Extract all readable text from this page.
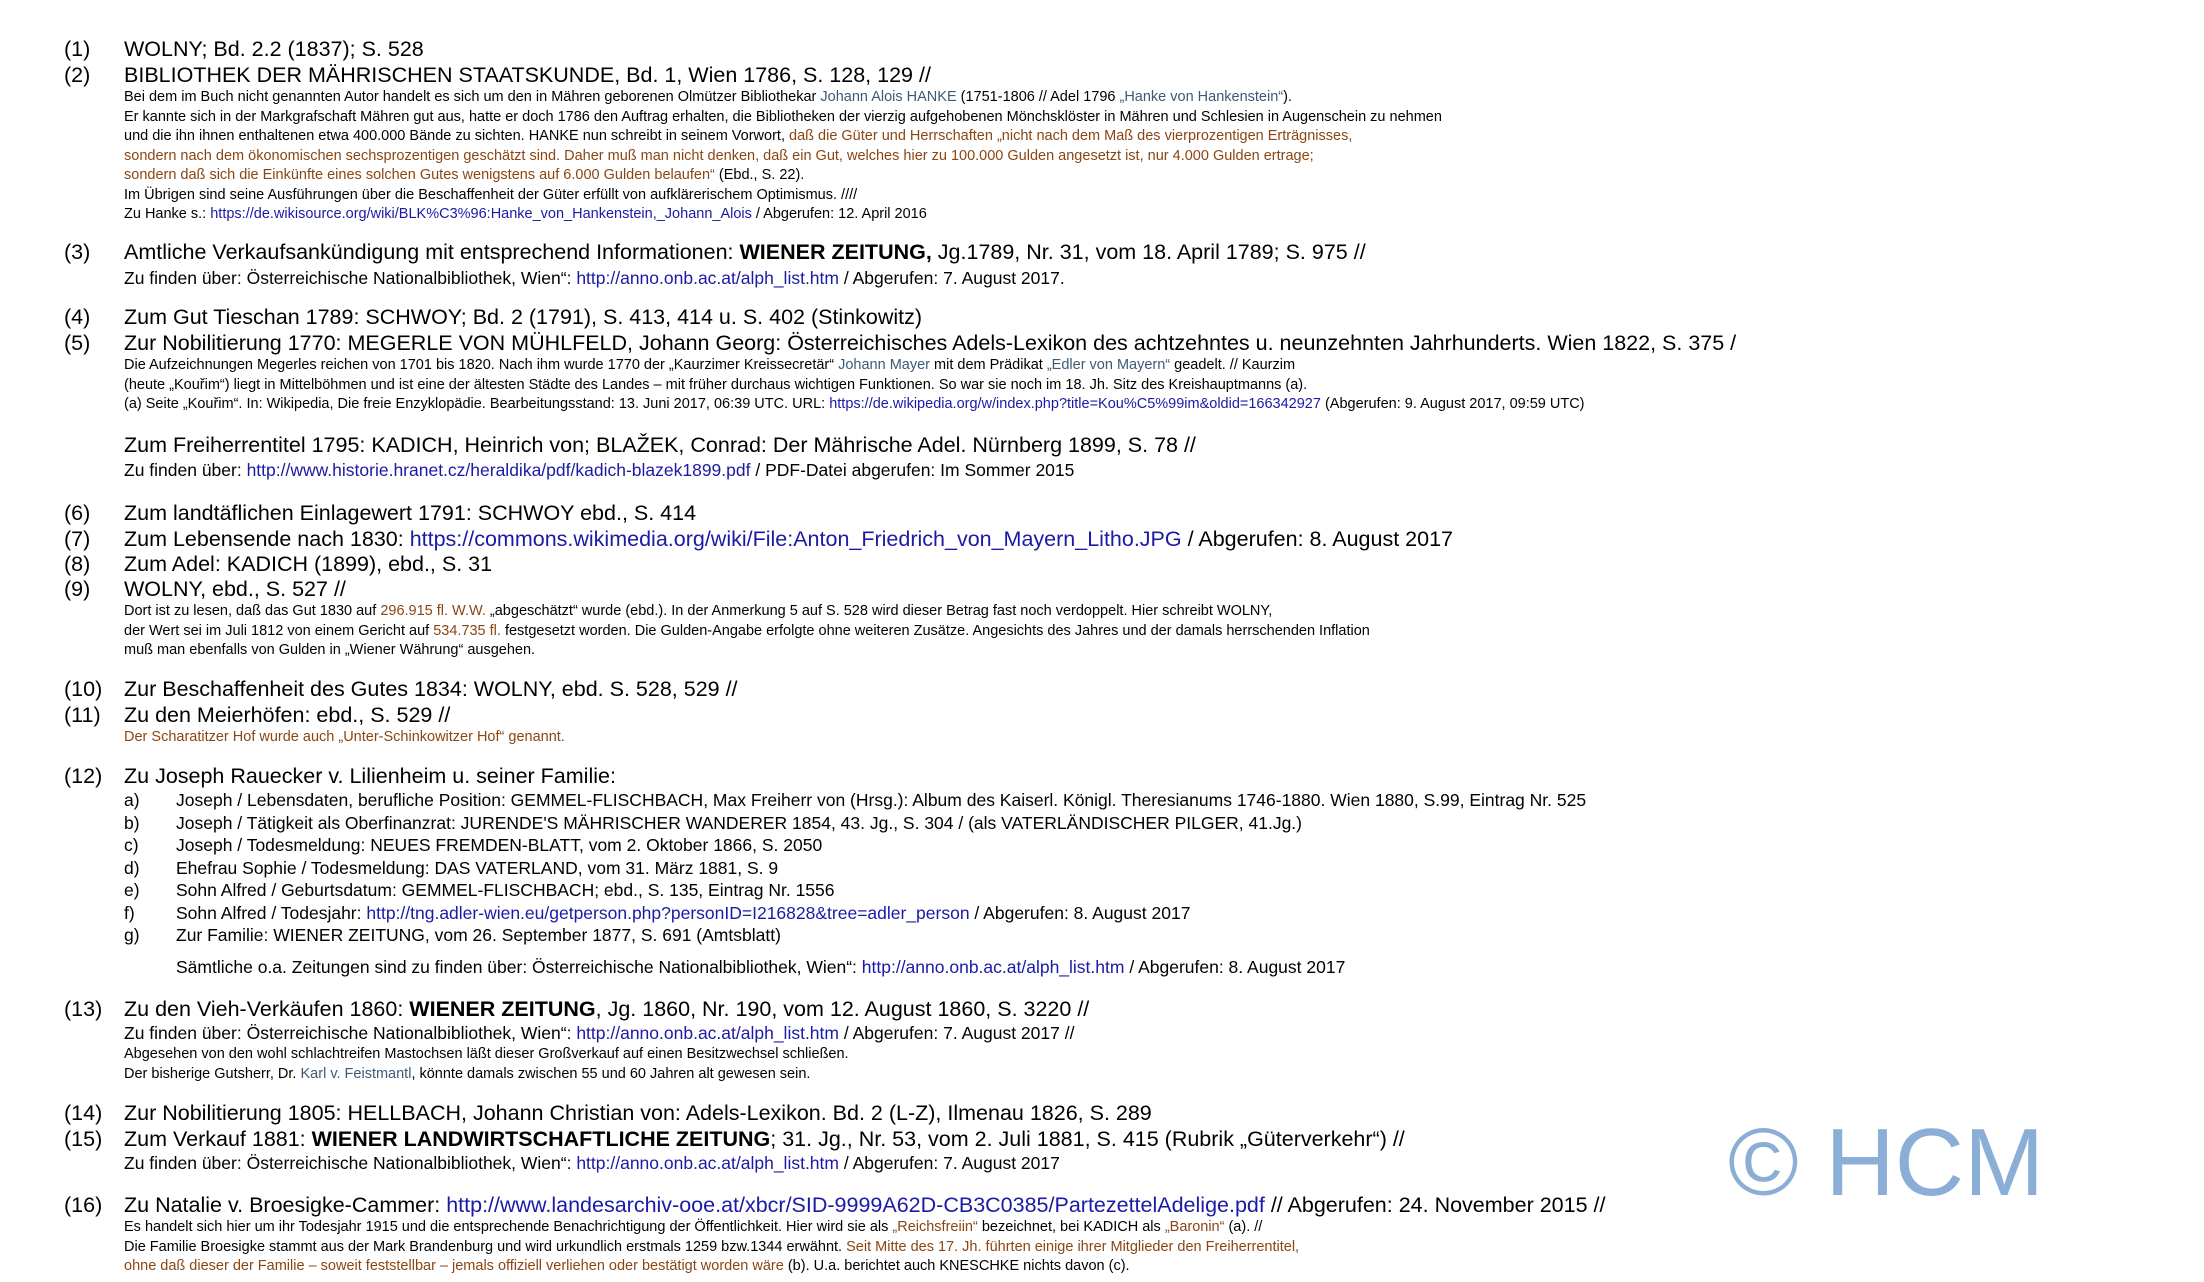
(1)	WOLNY; Bd. 2.2 (1837); S. 528
(2)	BIBLIOTHEK DER MÄHRISCHEN STAATSKUNDE, Bd. 1, Wien 1786, S. 128, 129 //
Bei dem im Buch nicht genannten Autor handelt es sich um den in Mähren geborenen Olmützer Bibliothekar Johann Alois HANKE (1751-1806 // Adel 1796 „Hanke von Hankenstein“).
Er kannte sich in der Markgrafschaft Mähren gut aus, hatte er doch 1786 den Auftrag erhalten, die Bibliotheken der vierzig aufgehobenen Mönchsklöster in Mähren und Schlesien in Augenschein zu nehmen
und die ihn ihnen enthaltenen etwa 400.000 Bände zu sichten. HANKE nun schreibt in seinem Vorwort, daß die Güter und Herrschaften „nicht nach dem Maß des vierprozentigen Erträgnisses,
sondern nach dem ökonomischen sechsprozentigen geschätzt sind. Daher muß man nicht denken, daß ein Gut, welches hier zu 100.000 Gulden angesetzt ist, nur 4.000 Gulden ertrage;
sondern daß sich die Einkünfte eines solchen Gutes wenigstens auf 6.000 Gulden belaufen“ (Ebd., S. 22).
Im Übrigen sind seine Ausführungen über die Beschaffenheit der Güter erfüllt von aufklärerischem Optimismus. ////
Zu Hanke s.: https://de.wikisource.org/wiki/BLK%C3%96:Hanke_von_Hankenstein,_Johann_Alois / Abgerufen: 12. April 2016
(3)	Amtliche Verkaufsankündigung mit entsprechend Informationen: WIENER ZEITUNG, Jg.1789, Nr. 31, vom 18. April 1789; S. 975 //
Zu finden über: Österreichische Nationalbibliothek, Wien“: http://anno.onb.ac.at/alph_list.htm / Abgerufen: 7. August 2017.
(4)	Zum Gut Tieschan 1789: SCHWOY; Bd. 2 (1791), S. 413, 414 u. S. 402 (Stinkowitz)
(5)	Zur Nobilitierung 1770: MEGERLE VON MÜHLFELD, Johann Georg: Österreichisches Adels-Lexikon des achtzehntes u. neunzehnten Jahrhunderts. Wien 1822, S. 375 /
Die Aufzeichnungen Megerles reichen von 1701 bis 1820. Nach ihm wurde 1770 der „Kaurzimer Kreissecretär“ Johann Mayer mit dem Prädikat „Edler von Mayern“ geadelt. // Kaurzim
(heute „Kouřim“) liegt in Mittelböhmen und ist eine der ältesten Städte des Landes – mit früher durchaus wichtigen Funktionen. So war sie noch im 18. Jh. Sitz des Kreishauptmanns (a).
(a) Seite „Kouřim“. In: Wikipedia, Die freie Enzyklopädie. Bearbeitungsstand: 13. Juni 2017, 06:39 UTC. URL: https://de.wikipedia.org/w/index.php?title=Kou%C5%99im&oldid=166342927 (Abgerufen: 9. August 2017, 09:59 UTC)
Zum Freiherrentitel 1795: KADICH, Heinrich von; BLAŽEK, Conrad: Der Mährische Adel. Nürnberg 1899, S. 78 //
Zu finden über: http://www.historie.hranet.cz/heraldika/pdf/kadich-blazek1899.pdf / PDF-Datei abgerufen: Im Sommer 2015
(6)	Zum landtäflichen Einlagewert 1791: SCHWOY ebd., S. 414
(7)	Zum Lebensende nach 1830: https://commons.wikimedia.org/wiki/File:Anton_Friedrich_von_Mayern_Litho.JPG / Abgerufen: 8. August 2017
(8)	Zum Adel: KADICH (1899), ebd., S. 31
(9)	WOLNY, ebd., S. 527 //
Dort ist zu lesen, daß das Gut 1830 auf 296.915 fl. W.W. „abgeschätzt“ wurde (ebd.). In der Anmerkung 5 auf S. 528 wird dieser Betrag fast noch verdoppelt. Hier schreibt WOLNY,
der Wert sei im Juli 1812 von einem Gericht auf 534.735 fl. festgesetzt worden. Die Gulden-Angabe erfolgte ohne weiteren Zusätze. Angesichts des Jahres und der damals herrschenden Inflation
muß man ebenfalls von Gulden in „Wiener Währung“ ausgehen.
(10)	Zur Beschaffenheit des Gutes 1834: WOLNY, ebd. S. 528, 529 //
(11)	Zu den Meierhöfen: ebd., S. 529 //
Der Scharatitzer Hof wurde auch „Unter-Schinkowitzer Hof“ genannt.
(12)	Zu Joseph Rauecker v. Lilienheim u. seiner Familie:
a) Joseph / Lebensdaten, berufliche Position: GEMMEL-FLISCHBACH, Max Freiherr von (Hrsg.): Album des Kaiserl. Königl. Theresianums 1746-1880. Wien 1880, S.99, Eintrag Nr. 525
b) Joseph / Tätigkeit als Oberfinanzrat: JURENDE'S MÄHRISCHER WANDERER 1854, 43. Jg., S. 304 / (als VATERLÄNDISCHER PILGER, 41.Jg.)
c) Joseph / Todesmeldung: NEUES FREMDEN-BLATT, vom 2. Oktober 1866, S. 2050
d) Ehefrau Sophie / Todesmeldung: DAS VATERLAND, vom 31. März 1881, S. 9
e) Sohn Alfred / Geburtsdatum: GEMMEL-FLISCHBACH; ebd., S. 135, Eintrag Nr. 1556
f) Sohn Alfred / Todesjahr: http://tng.adler-wien.eu/getperson.php?personID=I216828&tree=adler_person / Abgerufen: 8. August 2017
g) Zur Familie: WIENER ZEITUNG, vom 26. September 1877, S. 691 (Amtsblatt)
Sämtliche o.a. Zeitungen sind zu finden über: Österreichische Nationalbibliothek, Wien“: http://anno.onb.ac.at/alph_list.htm / Abgerufen: 8. August 2017
(13)	Zu den Vieh-Verkäufen 1860: WIENER ZEITUNG, Jg. 1860, Nr. 190, vom 12. August 1860, S. 3220 //
Zu finden über: Österreichische Nationalbibliothek, Wien“: http://anno.onb.ac.at/alph_list.htm / Abgerufen: 7. August 2017 //
Abgesehen von den wohl schlachtreifen Mastochsen läßt dieser Großverkauf auf einen Besitzwechsel schließen.
Der bisherige Gutsherr, Dr. Karl v. Feistmantl, könnte damals zwischen 55 und 60 Jahren alt gewesen sein.
(14)	Zur Nobilitierung 1805: HELLBACH, Johann Christian von: Adels-Lexikon. Bd. 2 (L-Z), Ilmenau 1826, S. 289
(15)	Zum Verkauf 1881: WIENER LANDWIRTSCHAFTLICHE ZEITUNG; 31. Jg., Nr. 53, vom 2. Juli 1881, S. 415 (Rubrik „Güterverkehr“) //
Zu finden über: Österreichische Nationalbibliothek, Wien“: http://anno.onb.ac.at/alph_list.htm / Abgerufen: 7. August 2017
(16)	Zu Natalie v. Broesigke-Cammer: http://www.landesarchiv-ooe.at/xbcr/SID-9999A62D-CB3C0385/PartezettelAdelige.pdf // Abgerufen: 24. November 2015 //
Es handelt sich hier um ihr Todesjahr 1915 und die entsprechende Benachrichtigung der Öffentlichkeit. Hier wird sie als „Reichsfreiin“ bezeichnet, bei KADICH als „Baronin“ (a). //
Die Familie Broesigke stammt aus der Mark Brandenburg und wird urkundlich erstmals 1259 bzw.1344 erwähnt. Seit Mitte des 17. Jh. führten einige ihrer Mitglieder den Freiherrentitel,
ohne daß dieser der Familie – soweit feststellbar – jemals offiziell verliehen oder bestätigt worden wäre (b). U.a. berichtet auch KNESCHKE nichts davon (c).
© HCM
